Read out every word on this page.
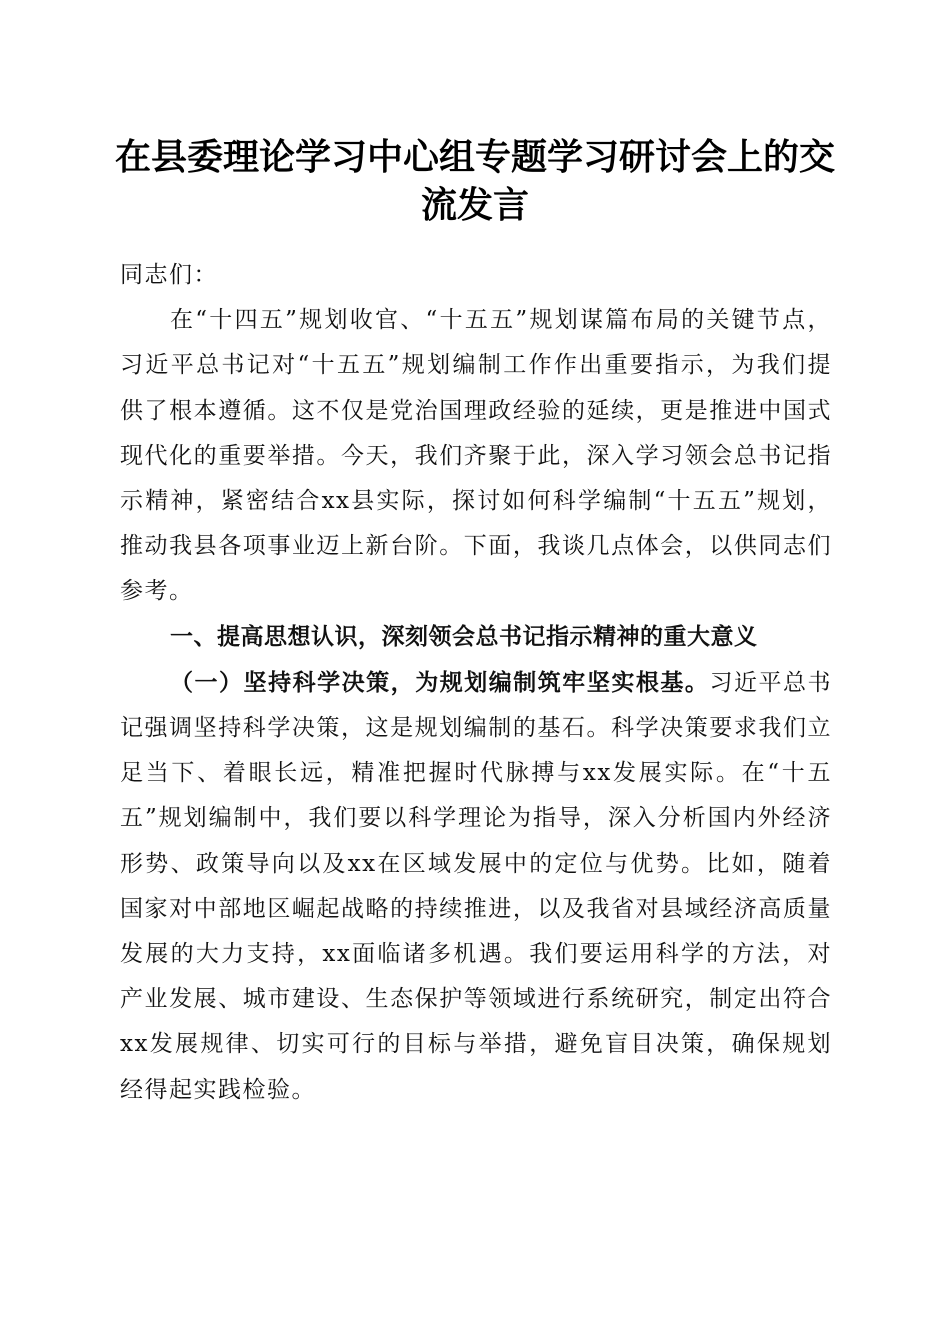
在县委理论学习中心组专题学习研讨会上的交流发言

同志们：

在“十四五”规划收官、“十五五”规划谋篇布局的关键节点，习近平总书记对“十五五”规划编制工作作出重要指示，为我们提供了根本遵循。这不仅是党治国理政经验的延续，更是推进中国式现代化的重要举措。今天，我们齐聚于此，深入学习领会总书记指示精神，紧密结合xx县实际，探讨如何科学编制“十五五”规划，推动我县各项事业迈上新台阶。下面，我谈几点体会，以供同志们参考。

一、提高思想认识，深刻领会总书记指示精神的重大意义

（一）坚持科学决策，为规划编制筑牢坚实根基。习近平总书记强调坚持科学决策，这是规划编制的基石。科学决策要求我们立足当下、着眼长远，精准把握时代脉搏与xx发展实际。在“十五五”规划编制中，我们要以科学理论为指导，深入分析国内外经济形势、政策导向以及xx在区域发展中的定位与优势。比如，随着国家对中部地区崛起战略的持续推进，以及我省对县域经济高质量发展的大力支持，xx面临诸多机遇。我们要运用科学的方法，对产业发展、城市建设、生态保护等领域进行系统研究，制定出符合xx发展规律、切实可行的目标与举措，避免盲目决策，确保规划经得起实践检验。
